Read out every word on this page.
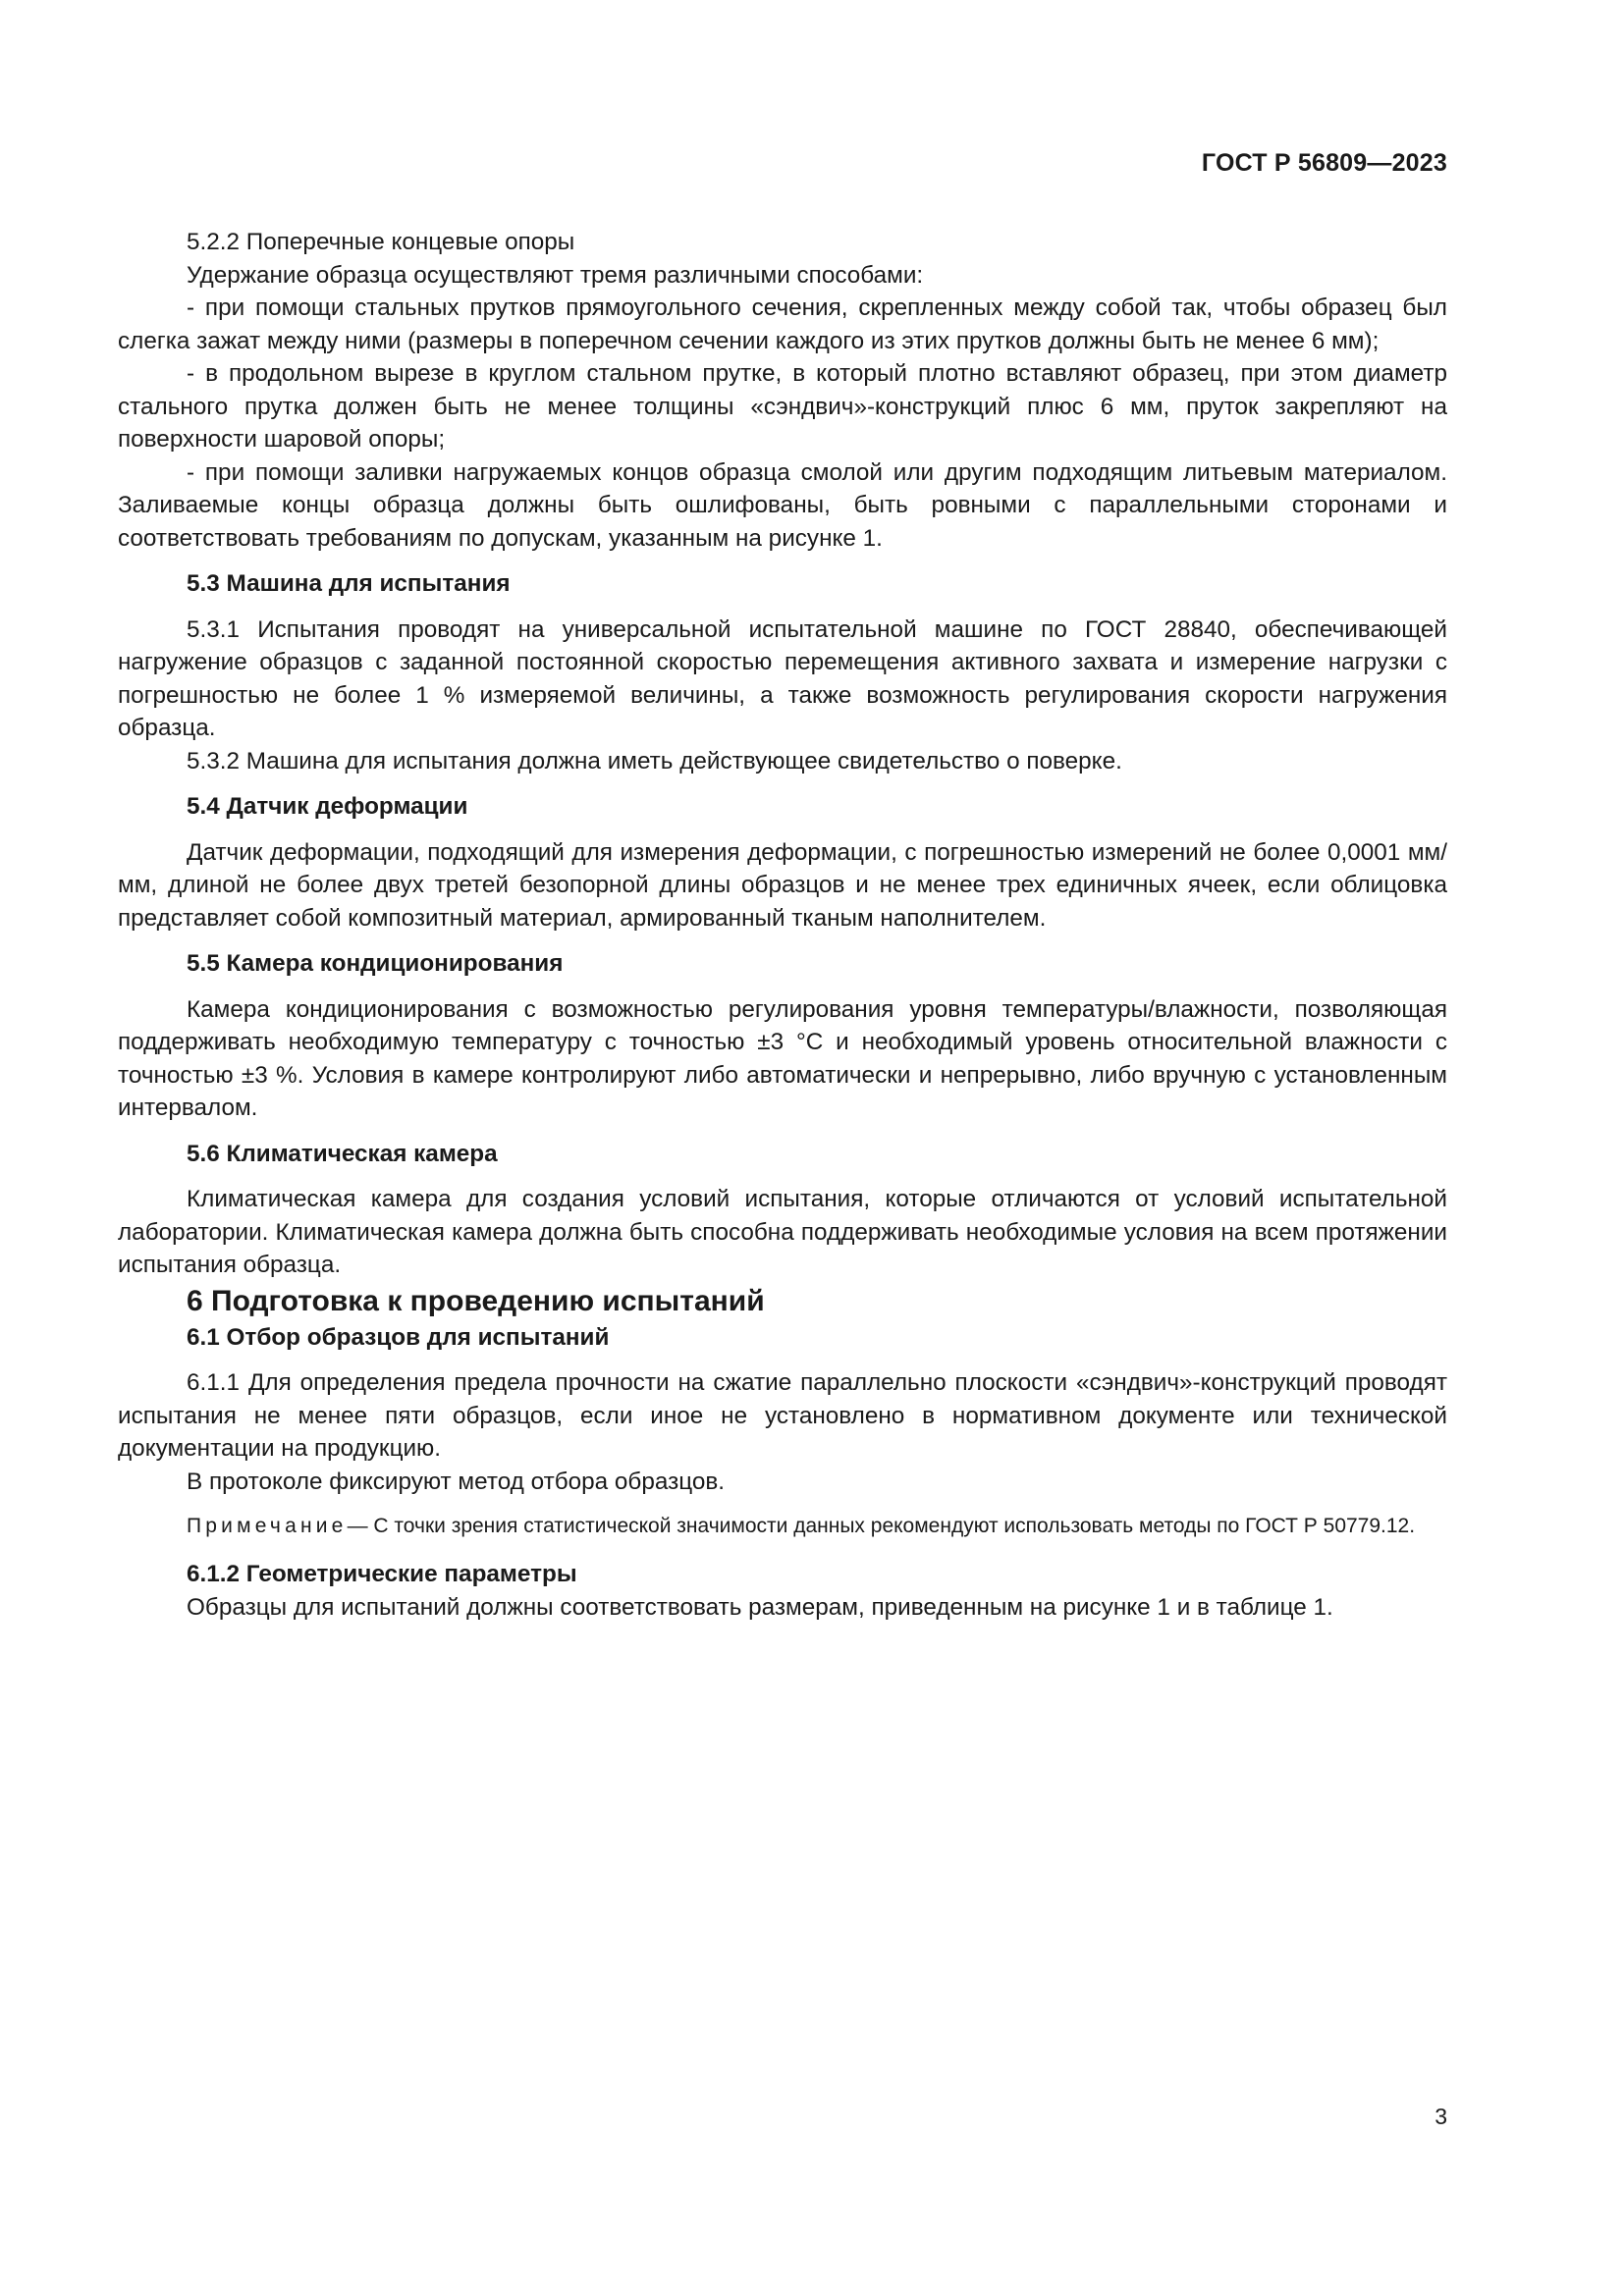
ГОСТ Р 56809—2023

5.2.2 Поперечные концевые опоры

Удержание образца осуществляют тремя различными способами:

- при помощи стальных прутков прямоугольного сечения, скрепленных между собой так, чтобы образец был слегка зажат между ними (размеры в поперечном сечении каждого из этих прутков должны быть не менее 6 мм);

- в продольном вырезе в круглом стальном прутке, в который плотно вставляют образец, при этом диаметр стального прутка должен быть не менее толщины «сэндвич»-конструкций плюс 6 мм, пруток закрепляют на поверхности шаровой опоры;

- при помощи заливки нагружаемых концов образца смолой или другим подходящим литьевым материалом. Заливаемые концы образца должны быть ошлифованы, быть ровными с параллельными сторонами и соответствовать требованиям по допускам, указанным на рисунке 1.

5.3 Машина для испытания

5.3.1 Испытания проводят на универсальной испытательной машине по ГОСТ 28840, обеспечивающей нагружение образцов с заданной постоянной скоростью перемещения активного захвата и измерение нагрузки с погрешностью не более 1 % измеряемой величины, а также возможность регулирования скорости нагружения образца.

5.3.2 Машина для испытания должна иметь действующее свидетельство о поверке.

5.4 Датчик деформации

Датчик деформации, подходящий для измерения деформации, с погрешностью измерений не более 0,0001 мм/мм, длиной не более двух третей безопорной длины образцов и не менее трех единичных ячеек, если облицовка представляет собой композитный материал, армированный тканым наполнителем.

5.5 Камера кондиционирования

Камера кондиционирования с возможностью регулирования уровня температуры/влажности, позволяющая поддерживать необходимую температуру с точностью ±3 °С и необходимый уровень относительной влажности с точностью ±3 %. Условия в камере контролируют либо автоматически и непрерывно, либо вручную с установленным интервалом.

5.6 Климатическая камера

Климатическая камера для создания условий испытания, которые отличаются от условий испытательной лаборатории. Климатическая камера должна быть способна поддерживать необходимые условия на всем протяжении испытания образца.

6 Подготовка к проведению испытаний

6.1 Отбор образцов для испытаний

6.1.1 Для определения предела прочности на сжатие параллельно плоскости «сэндвич»-конструкций проводят испытания не менее пяти образцов, если иное не установлено в нормативном документе или технической документации на продукцию.

В протоколе фиксируют метод отбора образцов.

Примечание— С точки зрения статистической значимости данных рекомендуют использовать методы по ГОСТ Р 50779.12.

6.1.2 Геометрические параметры

Образцы для испытаний должны соответствовать размерам, приведенным на рисунке 1 и в таблице 1.

3
